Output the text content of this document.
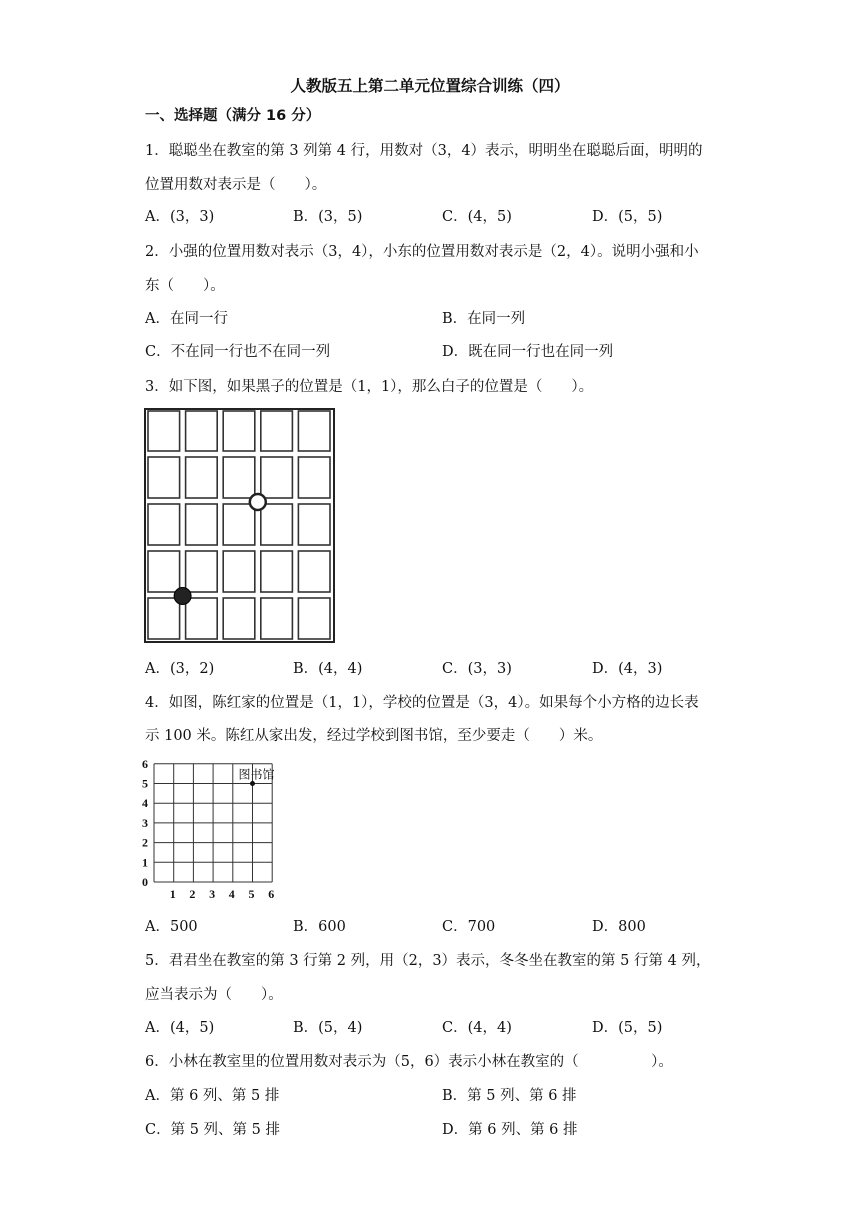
人教版五上第二单元位置综合训练（四）
一、选择题（满分 16 分）
1．聪聪坐在教室的第 3 列第 4 行，用数对（3，4）表示，明明坐在聪聪后面，明明的
位置用数对表示是（　　）。
A．(3，3)	B．(3，5)	C．(4，5)	D．(5，5)
2．小强的位置用数对表示（3，4），小东的位置用数对表示是（2，4）。说明小强和小
东（　　）。
A．在同一行	B．在同一列
C．不在同一行也不在同一列	D．既在同一行也在同一列
3．如下图，如果黑子的位置是（1，1），那么白子的位置是（　　）。
A．(3，2)	B．(4，4)	C．(3，3)	D．(4，3)
4．如图，陈红家的位置是（1，1），学校的位置是（3，4）。如果每个小方格的边长表
示 100 米。陈红从家出发，经过学校到图书馆，至少要走（　　）米。
6
5
4
3
2
1
0
1 2 3 4 5 6
图书馆
A．500	B．600	C．700	D．800
5．君君坐在教室的第 3 行第 2 列，用（2，3）表示，冬冬坐在教室的第 5 行第 4 列，
应当表示为（　　）。
A．(4，5)	B．(5，4)	C．(4，4)	D．(5，5)
6．小林在教室里的位置用数对表示为（5，6）表示小林在教室的（　　　　　）。
A．第 6 列、第 5 排	B．第 5 列、第 6 排
C．第 5 列、第 5 排	D．第 6 列、第 6 排
